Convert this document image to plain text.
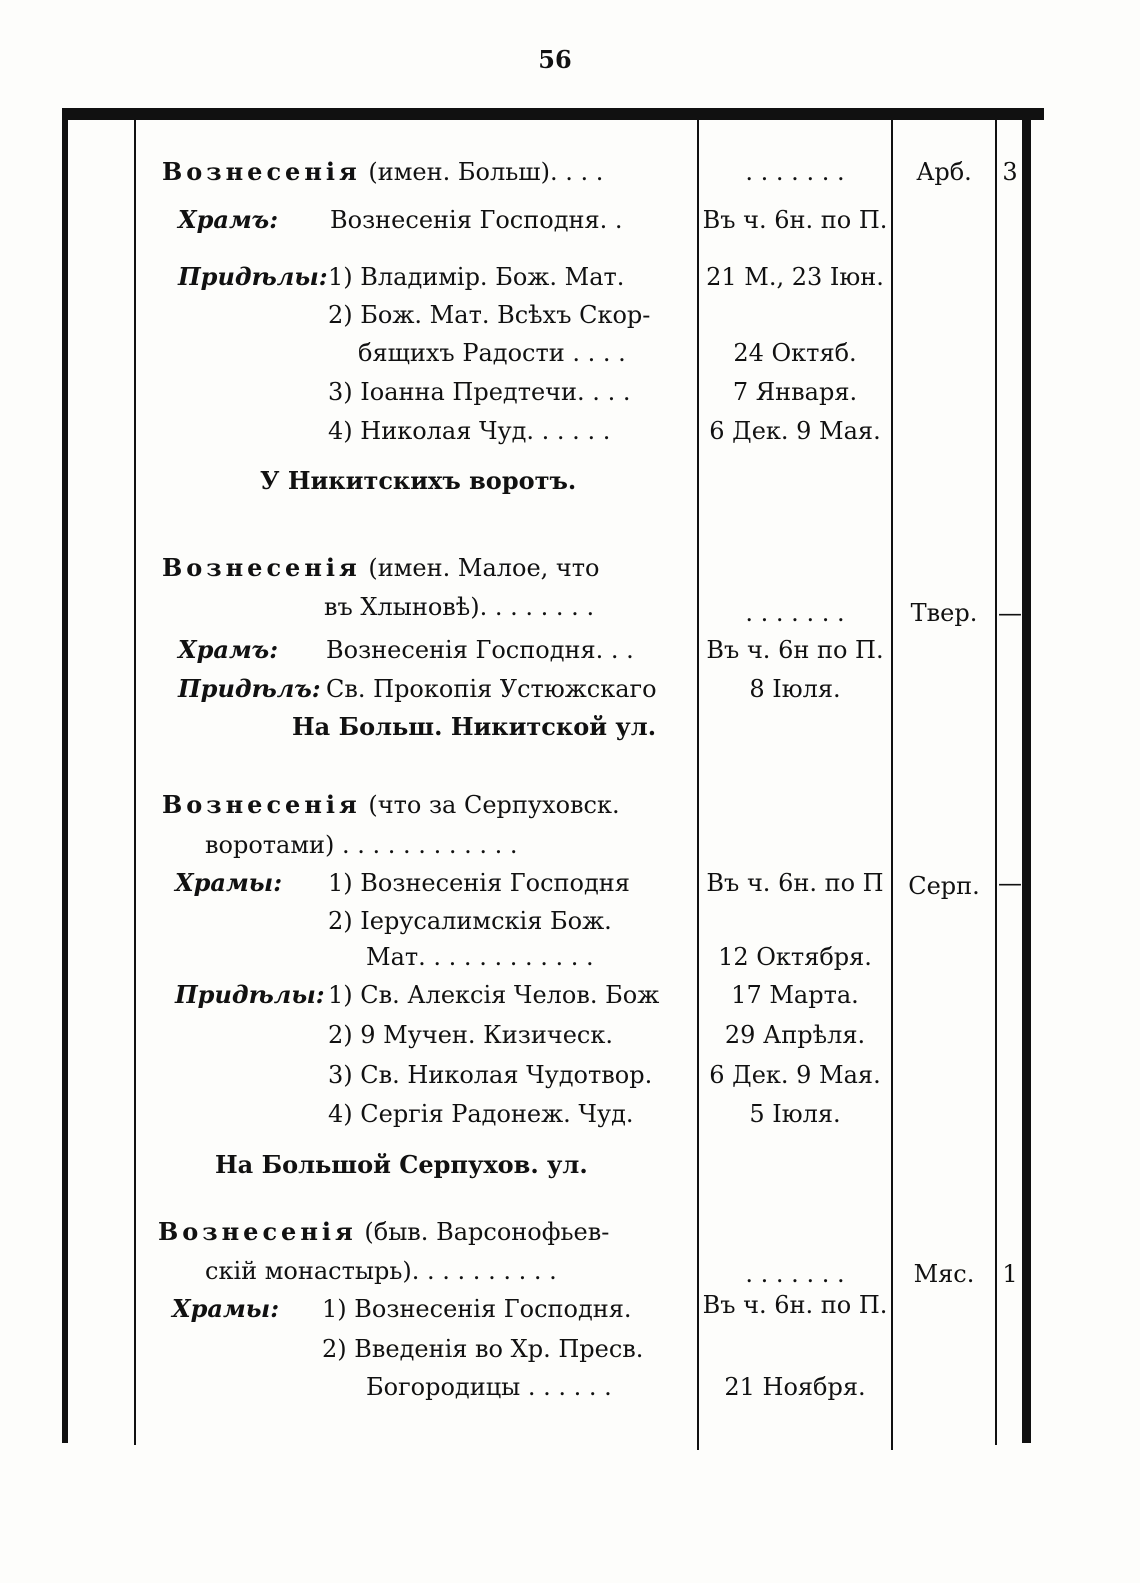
56
Вознесенія (имен. Больш). . . .	. . . . . . .	Арб.	3
Храмъ: Вознесенія Господня. .	Въ ч. 6н. по П.
Придѣлы: 1) Владимір. Бож. Мат.	21 М., 23 Іюн.
2) Бож. Мат. Всѣхъ Скор-
бящихъ Радости . . . .	24 Октяб.
3) Іоанна Предтечи. . . .	7 Января.
4) Николая Чуд. . . . . .	6 Дек. 9 Мая.
У Никитскихъ воротъ.
Вознесенія (имен. Малое, что
въ Хлыновѣ). . . . . . . .	. . . . . . .	Твер. —
Храмъ: Вознесенія Господня. . .	Въ ч. 6н по П.
Придѣлъ: Св. Прокопія Устюжскаго	8 Іюля.
На Больш. Никитской ул.
Вознесенія (что за Серпуховск.
воротами) . . . . . . . . . . . .
Храмы: 1) Вознесенія Господня	Въ ч. 6н. по П	Серп. —
2) Іерусалимскія Бож.
Мат. . . . . . . . . . . .	12 Октября.
Придѣлы: 1) Св. Алексія Челов. Бож	17 Марта.
2) 9 Мучен. Кизическ.	29 Апрѣля.
3) Св. Николая Чудотвор.	6 Дек. 9 Мая.
4) Сергія Радонеж. Чуд.	5 Іюля.
На Большой Серпухов. ул.
Вознесенія (быв. Варсонофьев-
скій монастырь). . . . . . . . . .	. . . . . . .	Мяс.	1
Храмы: 1) Вознесенія Господня.	Въ ч. 6н. по П.
2) Введенія во Хр. Пресв.
Богородицы . . . . . .	21 Ноября.
